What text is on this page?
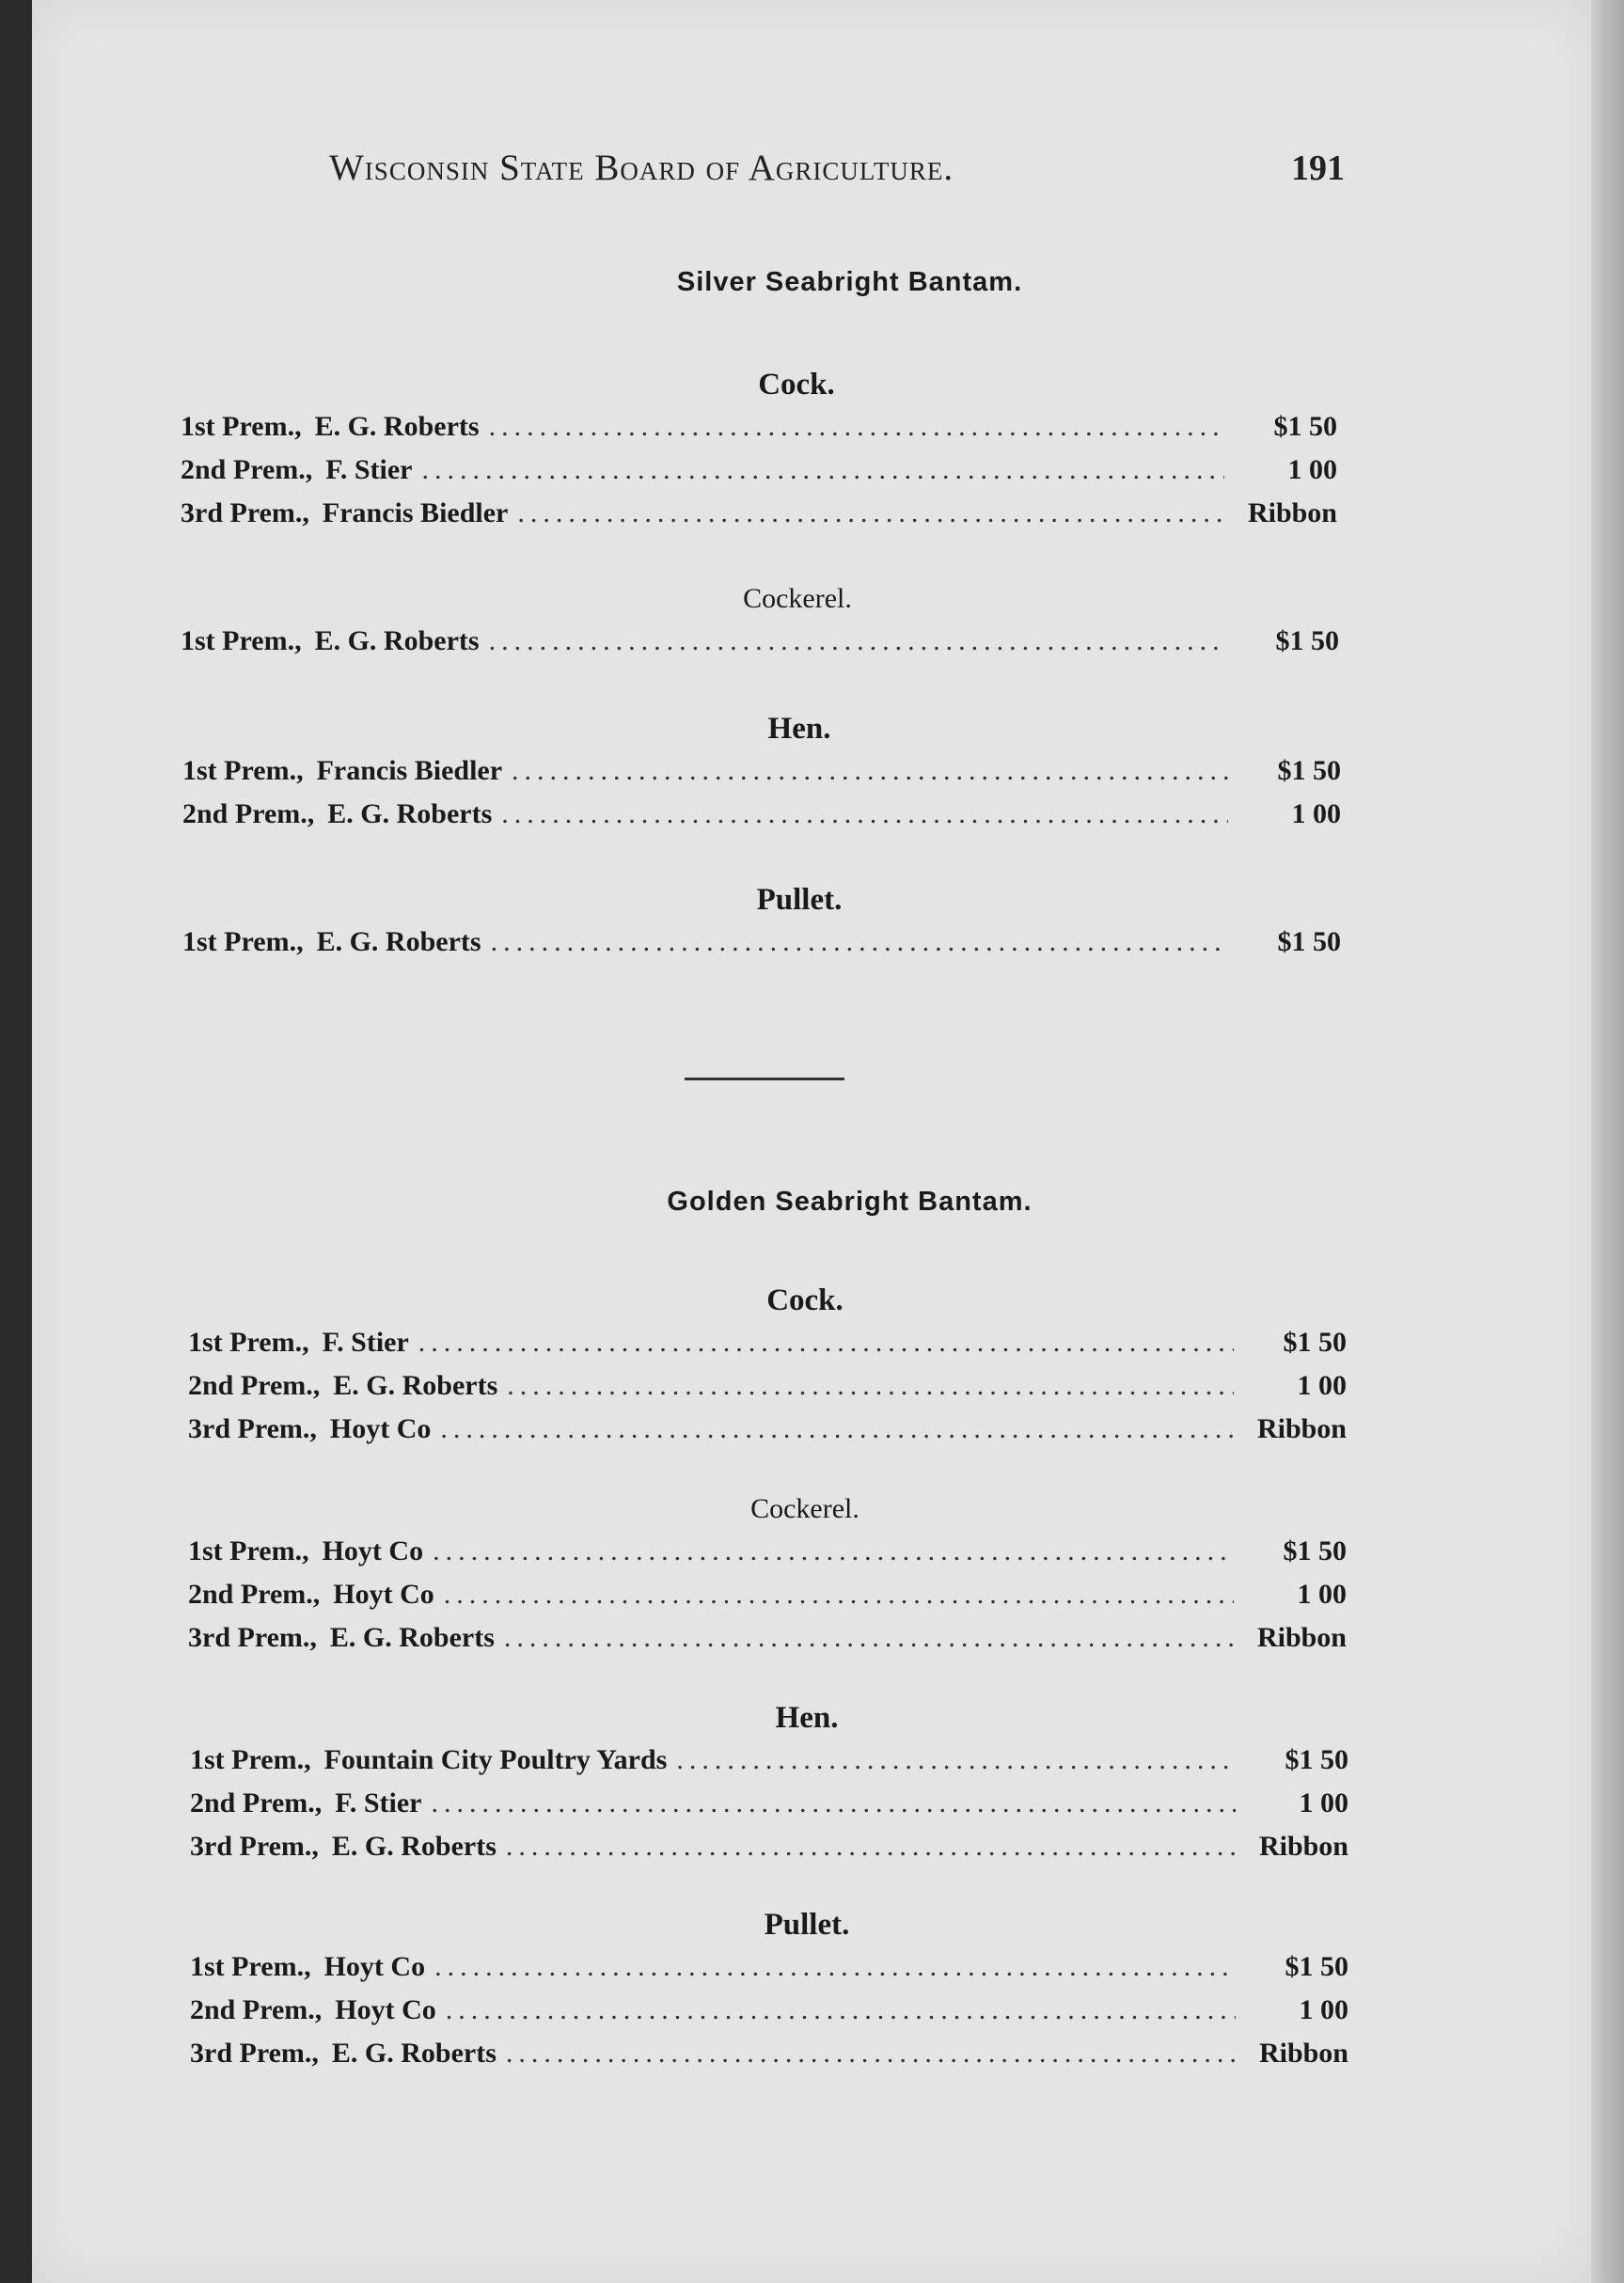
Wisconsin State Board of Agriculture.	191
Silver Seabright Bantam.
Cock.
1st Prem., E. G. Roberts .....	$1 50
2nd Prem., F. Stier .....	1 00
3rd Prem., Francis Biedler .....	Ribbon
Cockerel.
1st Prem., E. G. Roberts .....	$1 50
Hen.
1st Prem., Francis Biedler .....	$1 50
2nd Prem., E. G. Roberts .....	1 00
Pullet.
1st Prem., E. G. Roberts .....	$1 50
Golden Seabright Bantam.
Cock.
1st Prem., F. Stier .....	$1 50
2nd Prem., E. G. Roberts .....	1 00
3rd Prem., Hoyt Co .....	Ribbon
Cockerel.
1st Prem., Hoyt Co .....	$1 50
2nd Prem., Hoyt Co .....	1 00
3rd Prem., E. G. Roberts .....	Ribbon
Hen.
1st Prem., Fountain City Poultry Yards .....	$1 50
2nd Prem., F. Stier .....	1 00
3rd Prem., E. G. Roberts .....	Ribbon
Pullet.
1st Prem., Hoyt Co .....	$1 50
2nd Prem., Hoyt Co .....	1 00
3rd Prem., E. G. Roberts .....	Ribbon
